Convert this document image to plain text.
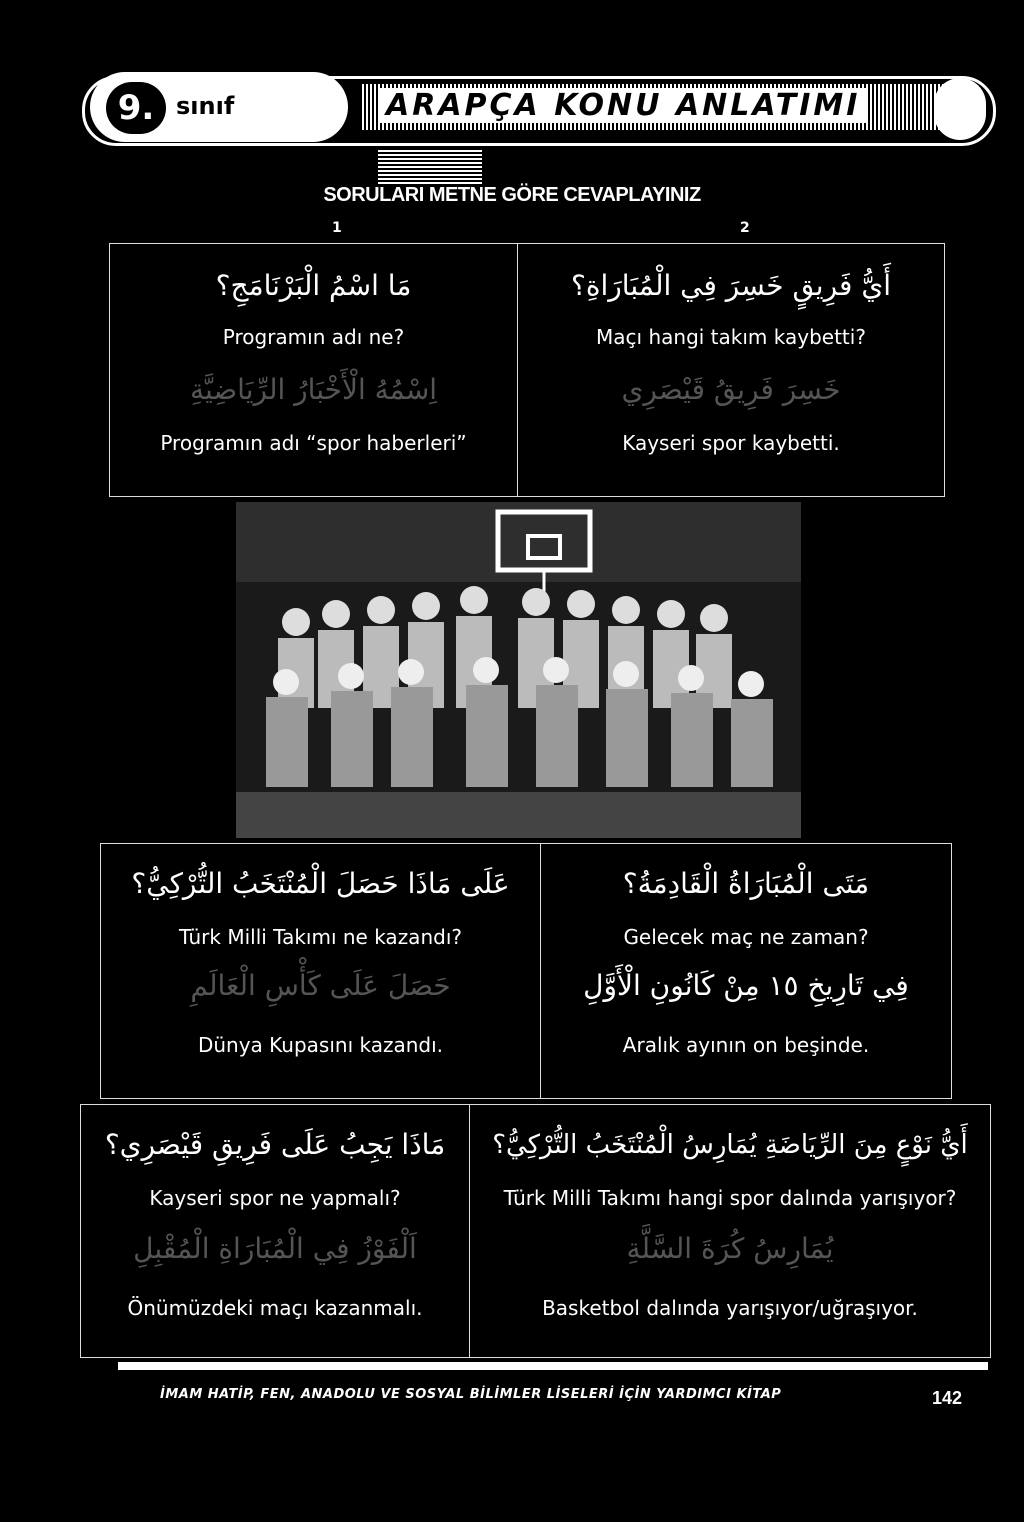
9. sınıf	ARAPÇA KONU ANLATIMI
SORULARI METNE GÖRE CEVAPLAYINIZ
1	2
مَا اسْمُ الْبَرْنَامَجِ؟
Programın adı ne?
اِسْمُهُ الْأَخْبَارُ الرِّيَاضِيَّةِ
Programın adı “spor haberleri”
أَيُّ فَرِيقٍ خَسِرَ فِي الْمُبَارَاةِ؟
Maçı hangi takım kaybetti?
خَسِرَ فَرِيقُ قَيْصَرِي
Kayseri spor kaybetti.
عَلَى مَاذَا حَصَلَ الْمُنْتَخَبُ التُّرْكِيُّ؟
Türk Milli Takımı ne kazandı?
حَصَلَ عَلَى كَأْسِ الْعَالَمِ
Dünya Kupasını kazandı.
مَتَى الْمُبَارَاةُ الْقَادِمَةُ؟
Gelecek maç ne zaman?
فِي تَارِيخِ ١٥ مِنْ كَانُونِ الْأَوَّلِ
Aralık ayının on beşinde.
مَاذَا يَجِبُ عَلَى فَرِيقِ قَيْصَرِي؟
Kayseri spor ne yapmalı?
اَلْفَوْزُ فِي الْمُبَارَاةِ الْمُقْبِلِ
Önümüzdeki maçı kazanmalı.
أَيُّ نَوْعٍ مِنَ الرِّيَاضَةِ يُمَارِسُ الْمُنْتَخَبُ التُّرْكِيُّ؟
Türk Milli Takımı hangi spor dalında yarışıyor?
يُمَارِسُ كُرَةَ السَّلَّةِ
Basketbol dalında yarışıyor/uğraşıyor.
İMAM HATİP, FEN, ANADOLU VE SOSYAL BİLİMLER LİSELERİ İÇİN YARDIMCI KİTAP	142
